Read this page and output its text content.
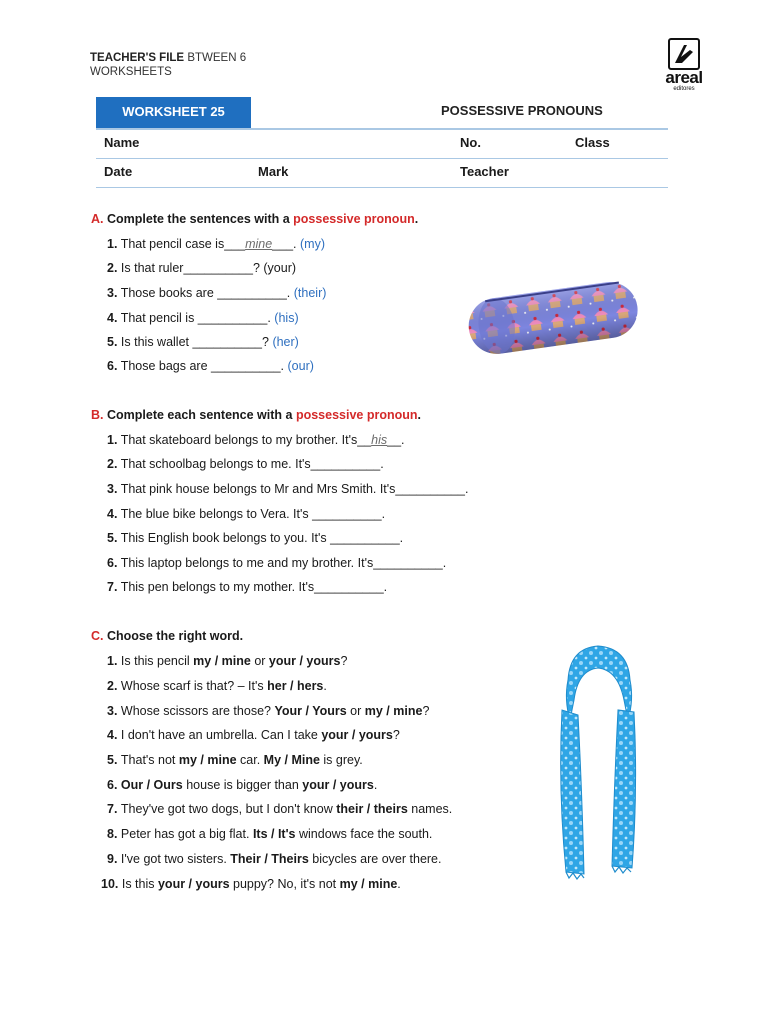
TEACHER'S FILE BTWEEN 6
WORKSHEETS	areal
editores
WORKSHEET 25	POSSESSIVE PRONOUNS
Name	No.	Class
Date	Mark	Teacher
A. Complete the sentences with a possessive pronoun.
1. That pencil case is___mine___. (my)
2. Is that ruler__________? (your)
3. Those books are __________. (their)
4. That pencil is __________. (his)
5. Is this wallet __________? (her)
6. Those bags are __________. (our)
B. Complete each sentence with a possessive pronoun.
1. That skateboard belongs to my brother. It's__his__.
2. That schoolbag belongs to me. It's__________.
3. That pink house belongs to Mr and Mrs Smith. It's__________.
4. The blue bike belongs to Vera. It's __________.
5. This English book belongs to you. It's __________.
6. This laptop belongs to me and my brother. It's__________.
7. This pen belongs to my mother. It's__________.
C. Choose the right word.
1. Is this pencil my / mine or your / yours?
2. Whose scarf is that? – It's her / hers.
3. Whose scissors are those? Your / Yours or my / mine?
4. I don't have an umbrella. Can I take your / yours?
5. That's not my / mine car. My / Mine is grey.
6. Our / Ours house is bigger than your / yours.
7. They've got two dogs, but I don't know their / theirs names.
8. Peter has got a big flat. Its / It's windows face the south.
9. I've got two sisters. Their / Theirs bicycles are over there.
10. Is this your / yours puppy? No, it's not my / mine.
